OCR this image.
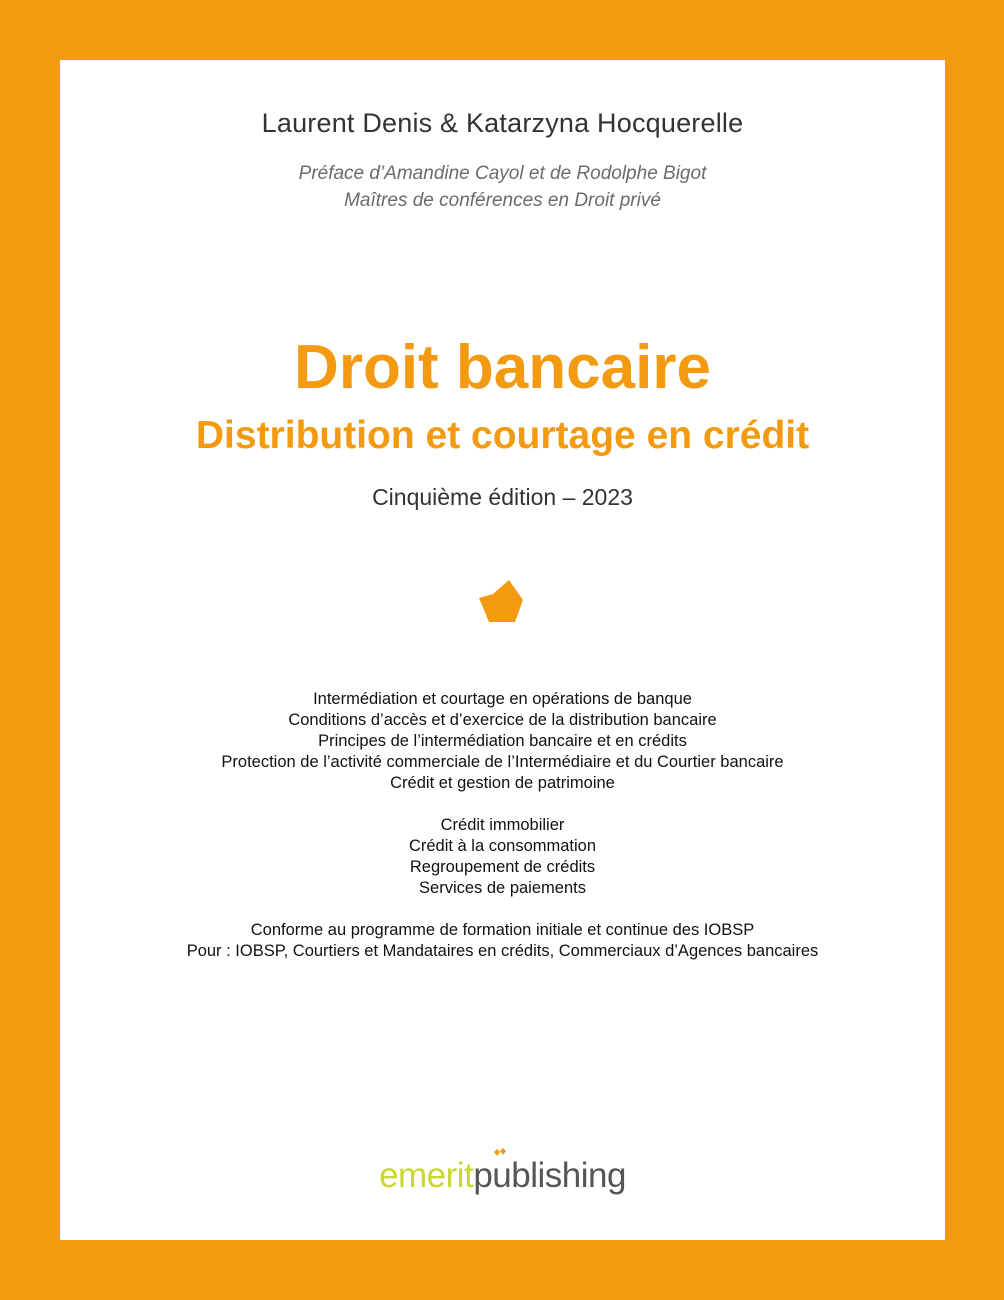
Laurent Denis & Katarzyna Hocquerelle
Préface d’Amandine Cayol et de Rodolphe Bigot
Maîtres de conférences en Droit privé
Droit bancaire
Distribution et courtage en crédit
Cinquième édition – 2023
Intermédiation et courtage en opérations de banque
Conditions d’accès et d’exercice de la distribution bancaire
Principes de l’intermédiation bancaire et en crédits
Protection de l’activité commerciale de l’Intermédiaire et du Courtier bancaire
Crédit et gestion de patrimoine
Crédit immobilier
Crédit à la consommation
Regroupement de crédits
Services de paiements
Conforme au programme de formation initiale et continue des IOBSP
Pour : IOBSP, Courtiers et Mandataires en crédits, Commerciaux d’Agences bancaires
emeritpublishing
